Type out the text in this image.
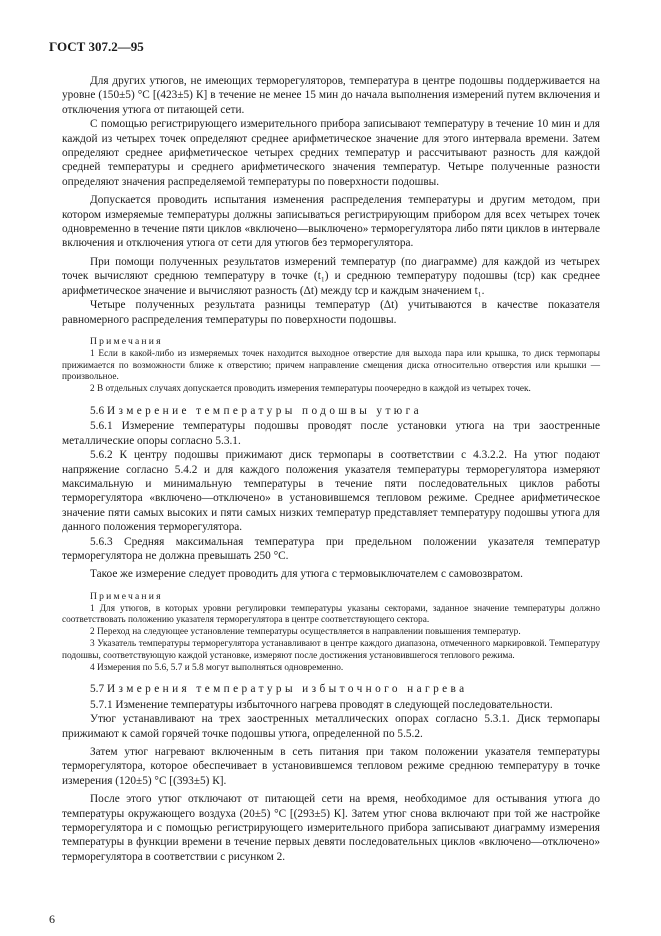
ГОСТ 307.2—95

Для других утюгов, не имеющих терморегуляторов, температура в центре подошвы поддерживается на уровне (150±5) °С [(423±5) К] в течение не менее 15 мин до начала выполнения измерений путем включения и отключения утюга от питающей сети.

С помощью регистрирующего измерительного прибора записывают температуру в течение 10 мин и для каждой из четырех точек определяют среднее арифметическое значение для этого интервала времени. Затем определяют среднее арифметическое четырех средних температур и рассчитывают разность для каждой средней температуры и среднего арифметического значения температур. Четыре полученные разности определяют значения распределяемой температуры по поверхности подошвы.

Допускается проводить испытания изменения распределения температуры и другим методом, при котором измеряемые температуры должны записываться регистрирующим прибором для всех четырех точек одновременно в течение пяти циклов «включено—выключено» терморегулятора либо пяти циклов в интервале включения и отключения утюга от сети для утюгов без терморегулятора.

При помощи полученных результатов измерений температур (по диаграмме) для каждой из четырех точек вычисляют среднюю температуру в точке (t₁) и среднюю температуру подошвы (tср) как среднее арифметическое значение и вычисляют разность (Δt) между tср и каждым значением t₁.

Четыре полученных результата разницы температур (Δt) учитываются в качестве показателя равномерного распределения температуры по поверхности подошвы.

Примечания

1 Если в какой-либо из измеряемых точек находится выходное отверстие для выхода пара или крышка, то диск термопары прижимается по возможности ближе к отверстию; причем направление смещения диска относительно отверстия или крышки — произвольное.

2 В отдельных случаях допускается проводить измерения температуры поочередно в каждой из четырех точек.

5.6 Измерение температуры подошвы утюга

5.6.1 Измерение температуры подошвы проводят после установки утюга на три заостренные металлические опоры согласно 5.3.1.

5.6.2 К центру подошвы прижимают диск термопары в соответствии с 4.3.2.2. На утюг подают напряжение согласно 5.4.2 и для каждого положения указателя температуры терморегулятора измеряют максимальную и минимальную температуры в течение пяти последовательных циклов работы терморегулятора «включено—отключено» в установившемся тепловом режиме. Среднее арифметическое значение пяти самых высоких и пяти самых низких температур представляет температуру подошвы утюга для данного положения терморегулятора.

5.6.3 Средняя максимальная температура при предельном положении указателя температур терморегулятора не должна превышать 250 °С.

Такое же измерение следует проводить для утюга с термовыключателем с самовозвратом.

Примечания

1 Для утюгов, в которых уровни регулировки температуры указаны секторами, заданное значение температуры должно соответствовать положению указателя терморегулятора в центре соответствующего сектора.

2 Переход на следующее установление температуры осуществляется в направлении повышения температур.

3 Указатель температуры терморегулятора устанавливают в центре каждого диапазона, отмеченного маркировкой. Температуру подошвы, соответствующую каждой установке, измеряют после достижения установившегося теплового режима.

4 Измерения по 5.6, 5.7 и 5.8 могут выполняться одновременно.

5.7 Измерения температуры избыточного нагрева

5.7.1 Изменение температуры избыточного нагрева проводят в следующей последовательности.

Утюг устанавливают на трех заостренных металлических опорах согласно 5.3.1. Диск термопары прижимают к самой горячей точке подошвы утюга, определенной по 5.5.2.

Затем утюг нагревают включенным в сеть питания при таком положении указателя температуры терморегулятора, которое обеспечивает в установившемся тепловом режиме среднюю температуру в точке измерения (120±5) °С [(393±5) К].

После этого утюг отключают от питающей сети на время, необходимое для остывания утюга до температуры окружающего воздуха (20±5) °С [(293±5) К]. Затем утюг снова включают при той же настройке терморегулятора и с помощью регистрирующего измерительного прибора записывают диаграмму измерения температуры в функции времени в течение первых девяти последовательных циклов «включено—отключено» терморегулятора в соответствии с рисунком 2.

6
